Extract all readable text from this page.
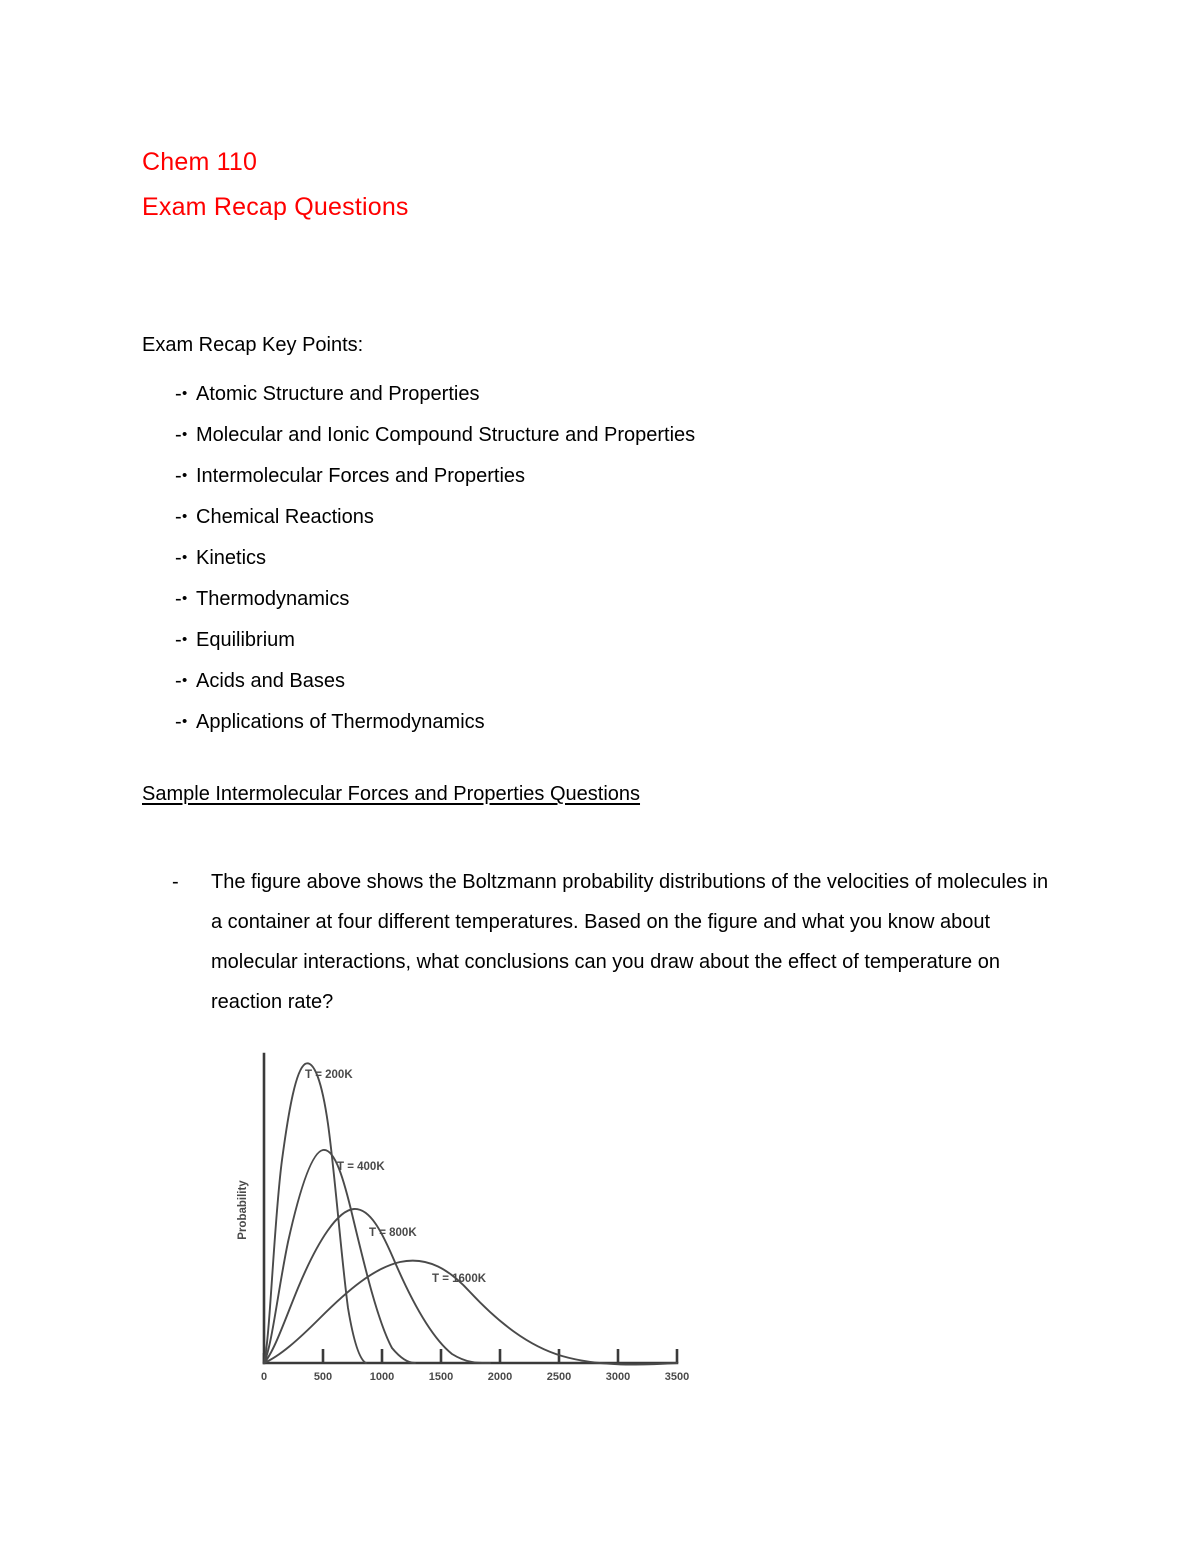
Chem 110
Exam Recap Questions
Exam Recap Key Points:
- • Atomic Structure and Properties
- • Molecular and Ionic Compound Structure and Properties
- • Intermolecular Forces and Properties
- • Chemical Reactions
- • Kinetics
- • Thermodynamics
- • Equilibrium
- • Acids and Bases
- • Applications of Thermodynamics
Sample Intermolecular Forces and Properties Questions
-	The figure above shows the Boltzmann probability distributions of the velocities of molecules in a container at four different temperatures. Based on the figure and what you know about molecular interactions, what conclusions can you draw about the effect of temperature on reaction rate?
0	500	1000	1500	2000	2500	3000	3500
Probability
T = 200K
T = 400K
T = 800K
T = 1600K
